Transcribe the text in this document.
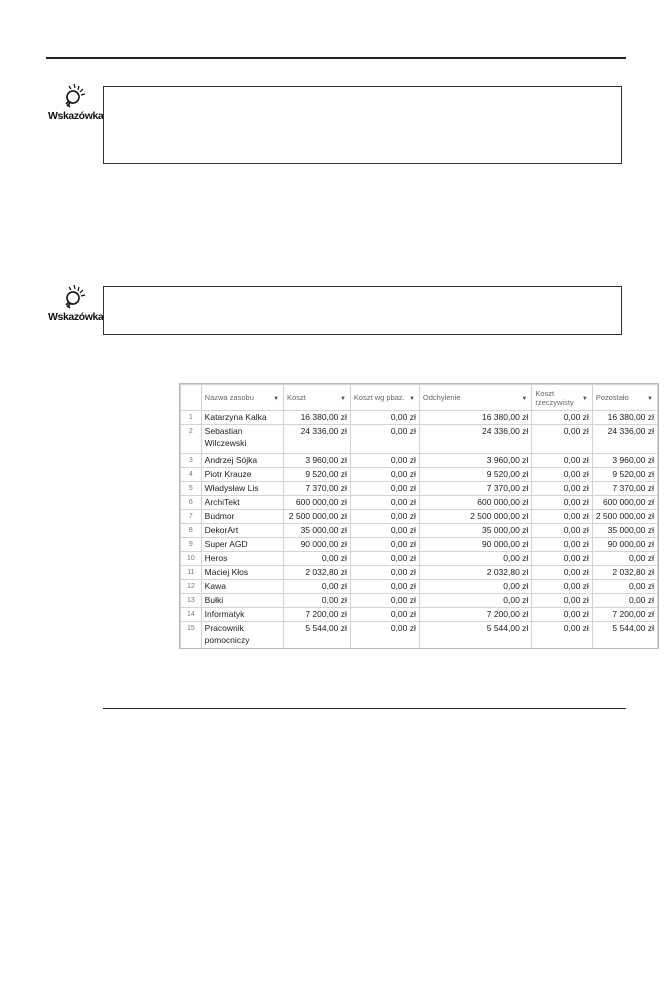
Wskazówka
Wskazówka
	Nazwa zasobu ▼	Koszt ▼	Koszt wg pbaz. ▼	Odchylenie ▼	Koszt rzeczywisty ▼	Pozostało ▼

1	Katarzyna Kalka	16 380,00 zł	0,00 zł	16 380,00 zł	0,00 zł	16 380,00 zł
2	Sebastian Wilczewski	24 336,00 zł	0,00 zł	24 336,00 zł	0,00 zł	24 336,00 zł
3	Andrzej Sójka	3 960,00 zł	0,00 zł	3 960,00 zł	0,00 zł	3 960,00 zł
4	Piotr Krauze	9 520,00 zł	0,00 zł	9 520,00 zł	0,00 zł	9 520,00 zł
5	Władysław Lis	7 370,00 zł	0,00 zł	7 370,00 zł	0,00 zł	7 370,00 zł
6	ArchiTekt	600 000,00 zł	0,00 zł	600 000,00 zł	0,00 zł	600 000,00 zł
7	Budmor	2 500 000,00 zł	0,00 zł	2 500 000,00 zł	0,00 zł	2 500 000,00 zł
8	DekorArt	35 000,00 zł	0,00 zł	35 000,00 zł	0,00 zł	35 000,00 zł
9	Super AGD	90 000,00 zł	0,00 zł	90 000,00 zł	0,00 zł	90 000,00 zł
10	Heros	0,00 zł	0,00 zł	0,00 zł	0,00 zł	0,00 zł
11	Maciej Kłos	2 032,80 zł	0,00 zł	2 032,80 zł	0,00 zł	2 032,80 zł
12	Kawa	0,00 zł	0,00 zł	0,00 zł	0,00 zł	0,00 zł
13	Bułki	0,00 zł	0,00 zł	0,00 zł	0,00 zł	0,00 zł
14	Informatyk	7 200,00 zł	0,00 zł	7 200,00 zł	0,00 zł	7 200,00 zł
15	Pracownik pomocniczy	5 544,00 zł	0,00 zł	5 544,00 zł	0,00 zł	5 544,00 zł
